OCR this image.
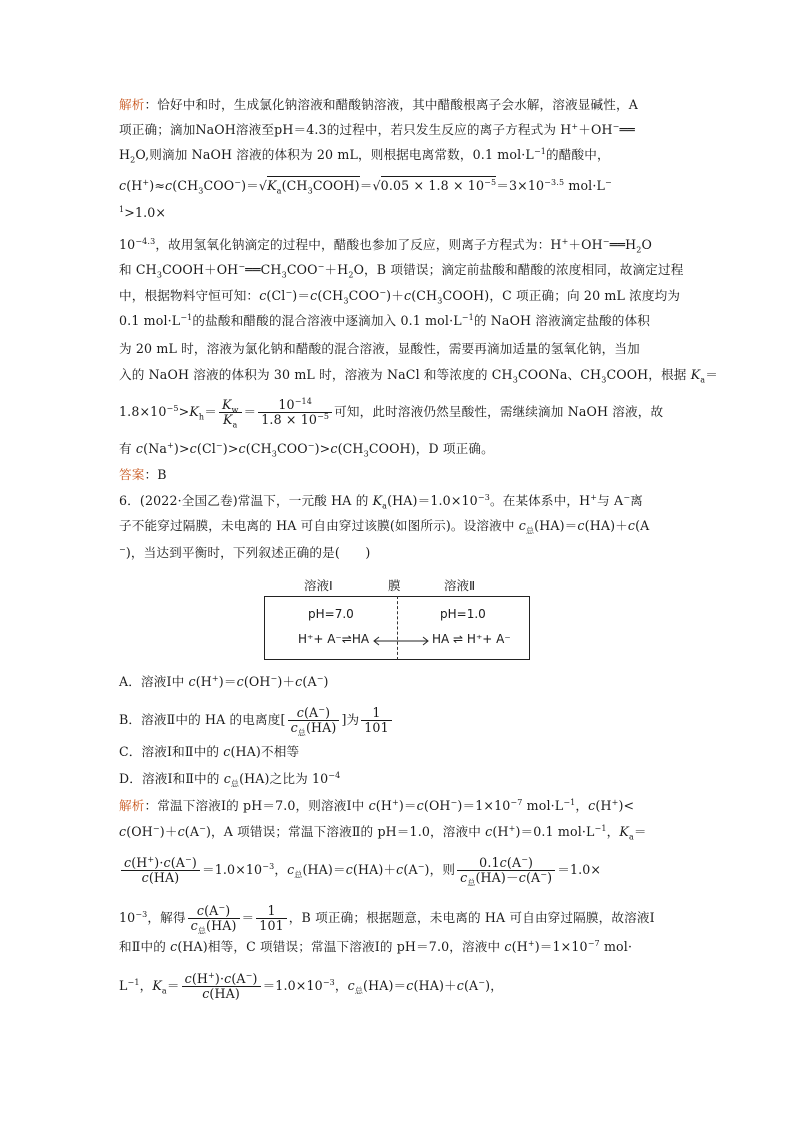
解析：恰好中和时，生成氯化钠溶液和醋酸钠溶液，其中醋酸根离子会水解，溶液显碱性，A
项正确；滴加NaOH溶液至pH＝4.3的过程中，若只发生反应的离子方程式为 H+＋OH−══
$H_2O$,则滴加 NaOH 溶液的体积为 20 mL，则根据电离常数，0.1 $mol\cdot L^{-1}$的醋酸中，
$c(H^+)\approx c(CH_3COO^-)=√K_a(CH_3COOH)=√0.05 \times 1.8 \times 10^{-5}=3\times 10^{-3.5}$ mol·L−
$^1$>1.0×
$10^{-4.3}$，故用氢氧化钠滴定的过程中，醋酸也参加了反应，则离子方程式为：$H^++OH^-══H_2O$
和 $CH_3COOH+OH^-══CH_3COO^-+H_2O$，B 项错误；滴定前盐酸和醋酸的浓度相同，故滴定过程
中，根据物料守恒可知：$c(Cl^-)=c(CH_3COO^-)+c(CH_3COOH)$，C 项正确；向 20 mL 浓度均为
0.1 $mol\cdot L^{-1}$的盐酸和醋酸的混合溶液中逐滴加入 0.1 $mol\cdot L^{-1}$的 NaOH 溶液滴定盐酸的体积
为 20 mL 时，溶液为氯化钠和醋酸的混合溶液，显酸性，需要再滴加适量的氢氧化钠，当加
入的 NaOH 溶液的体积为 30 mL 时，溶液为 NaCl 和等浓度的 $CH_3COONa$、$CH_3COOH$，根据 $K_a=$
$1.8\times 10^{-5}>K_h= \frac{K_w}{K_a} = \frac{10^{-14}}{1.8 \times 10^{-5}}$ 可知，此时溶液仍然呈酸性，需继续滴加 NaOH 溶液，故
有 $c(Na^+)>c(Cl^-)>c(CH_3COO^-)>c(CH_3COOH)$，D 项正确。
答案：B
6．(2022·全国乙卷)常温下，一元酸 HA 的 $K_a(HA)=1.0\times 10^{-3}$。在某体系中，H+与 A−离
子不能穿过隔膜，未电离的 HA 可自由穿过该膜(如图所示)。设溶液中 $c_总(HA)=c(HA)+c(A$
−)，当达到平衡时，下列叙述正确的是(　　)
溶液Ⅰ	膜	溶液Ⅱ
pH=7.0	pH=1.0
H⁺+ A⁻⇌HA	HA ⇌ H⁺+ A⁻
A．溶液Ⅰ中 c(H+)＝c(OH−)＋c(A−)
B．溶液Ⅱ中的 HA 的电离度[ $\frac{c(A^-)}{c_总(HA)}$ ]为 $\frac{1}{101}$
C．溶液Ⅰ和Ⅱ中的 c(HA)不相等
D．溶液Ⅰ和Ⅱ中的 $c_总(HA)$之比为 $10^{-4}$
解析：常温下溶液Ⅰ的 pH＝7.0，则溶液Ⅰ中 $c(H^+)=c(OH^-)=1\times 10^{-7}$ $mol\cdot L^{-1}$，c(H+)<
c(OH−)＋c(A−)，A 项错误；常温下溶液Ⅱ的 pH＝1.0，溶液中 c(H+)＝0.1 $mol\cdot L^{-1}$，$K_a=$
$\frac{c(H^+)\cdot c(A^-)}{c(HA)} =1.0\times 10^{-3}$，$c_总(HA)=c(HA)+c(A^-)$，则 $\frac{0.1c(A^-)}{c_总(HA)-c(A^-)} =1.0\times$
$10^{-3}$，解得 $\frac{c(A^-)}{c_总(HA)} = \frac{1}{101}$ ，B 项正确；根据题意，未电离的 HA 可自由穿过隔膜，故溶液Ⅰ
和Ⅱ中的 c(HA)相等，C 项错误；常温下溶液Ⅰ的 pH＝7.0，溶液中 $c(H^+)=1\times 10^{-7}$ mol·
$L^{-1}$，$K_a= \frac{c(H^+)\cdot c(A^-)}{c(HA)} =1.0\times 10^{-3}$，$c_总(HA)=c(HA)+c(A^-)$，
